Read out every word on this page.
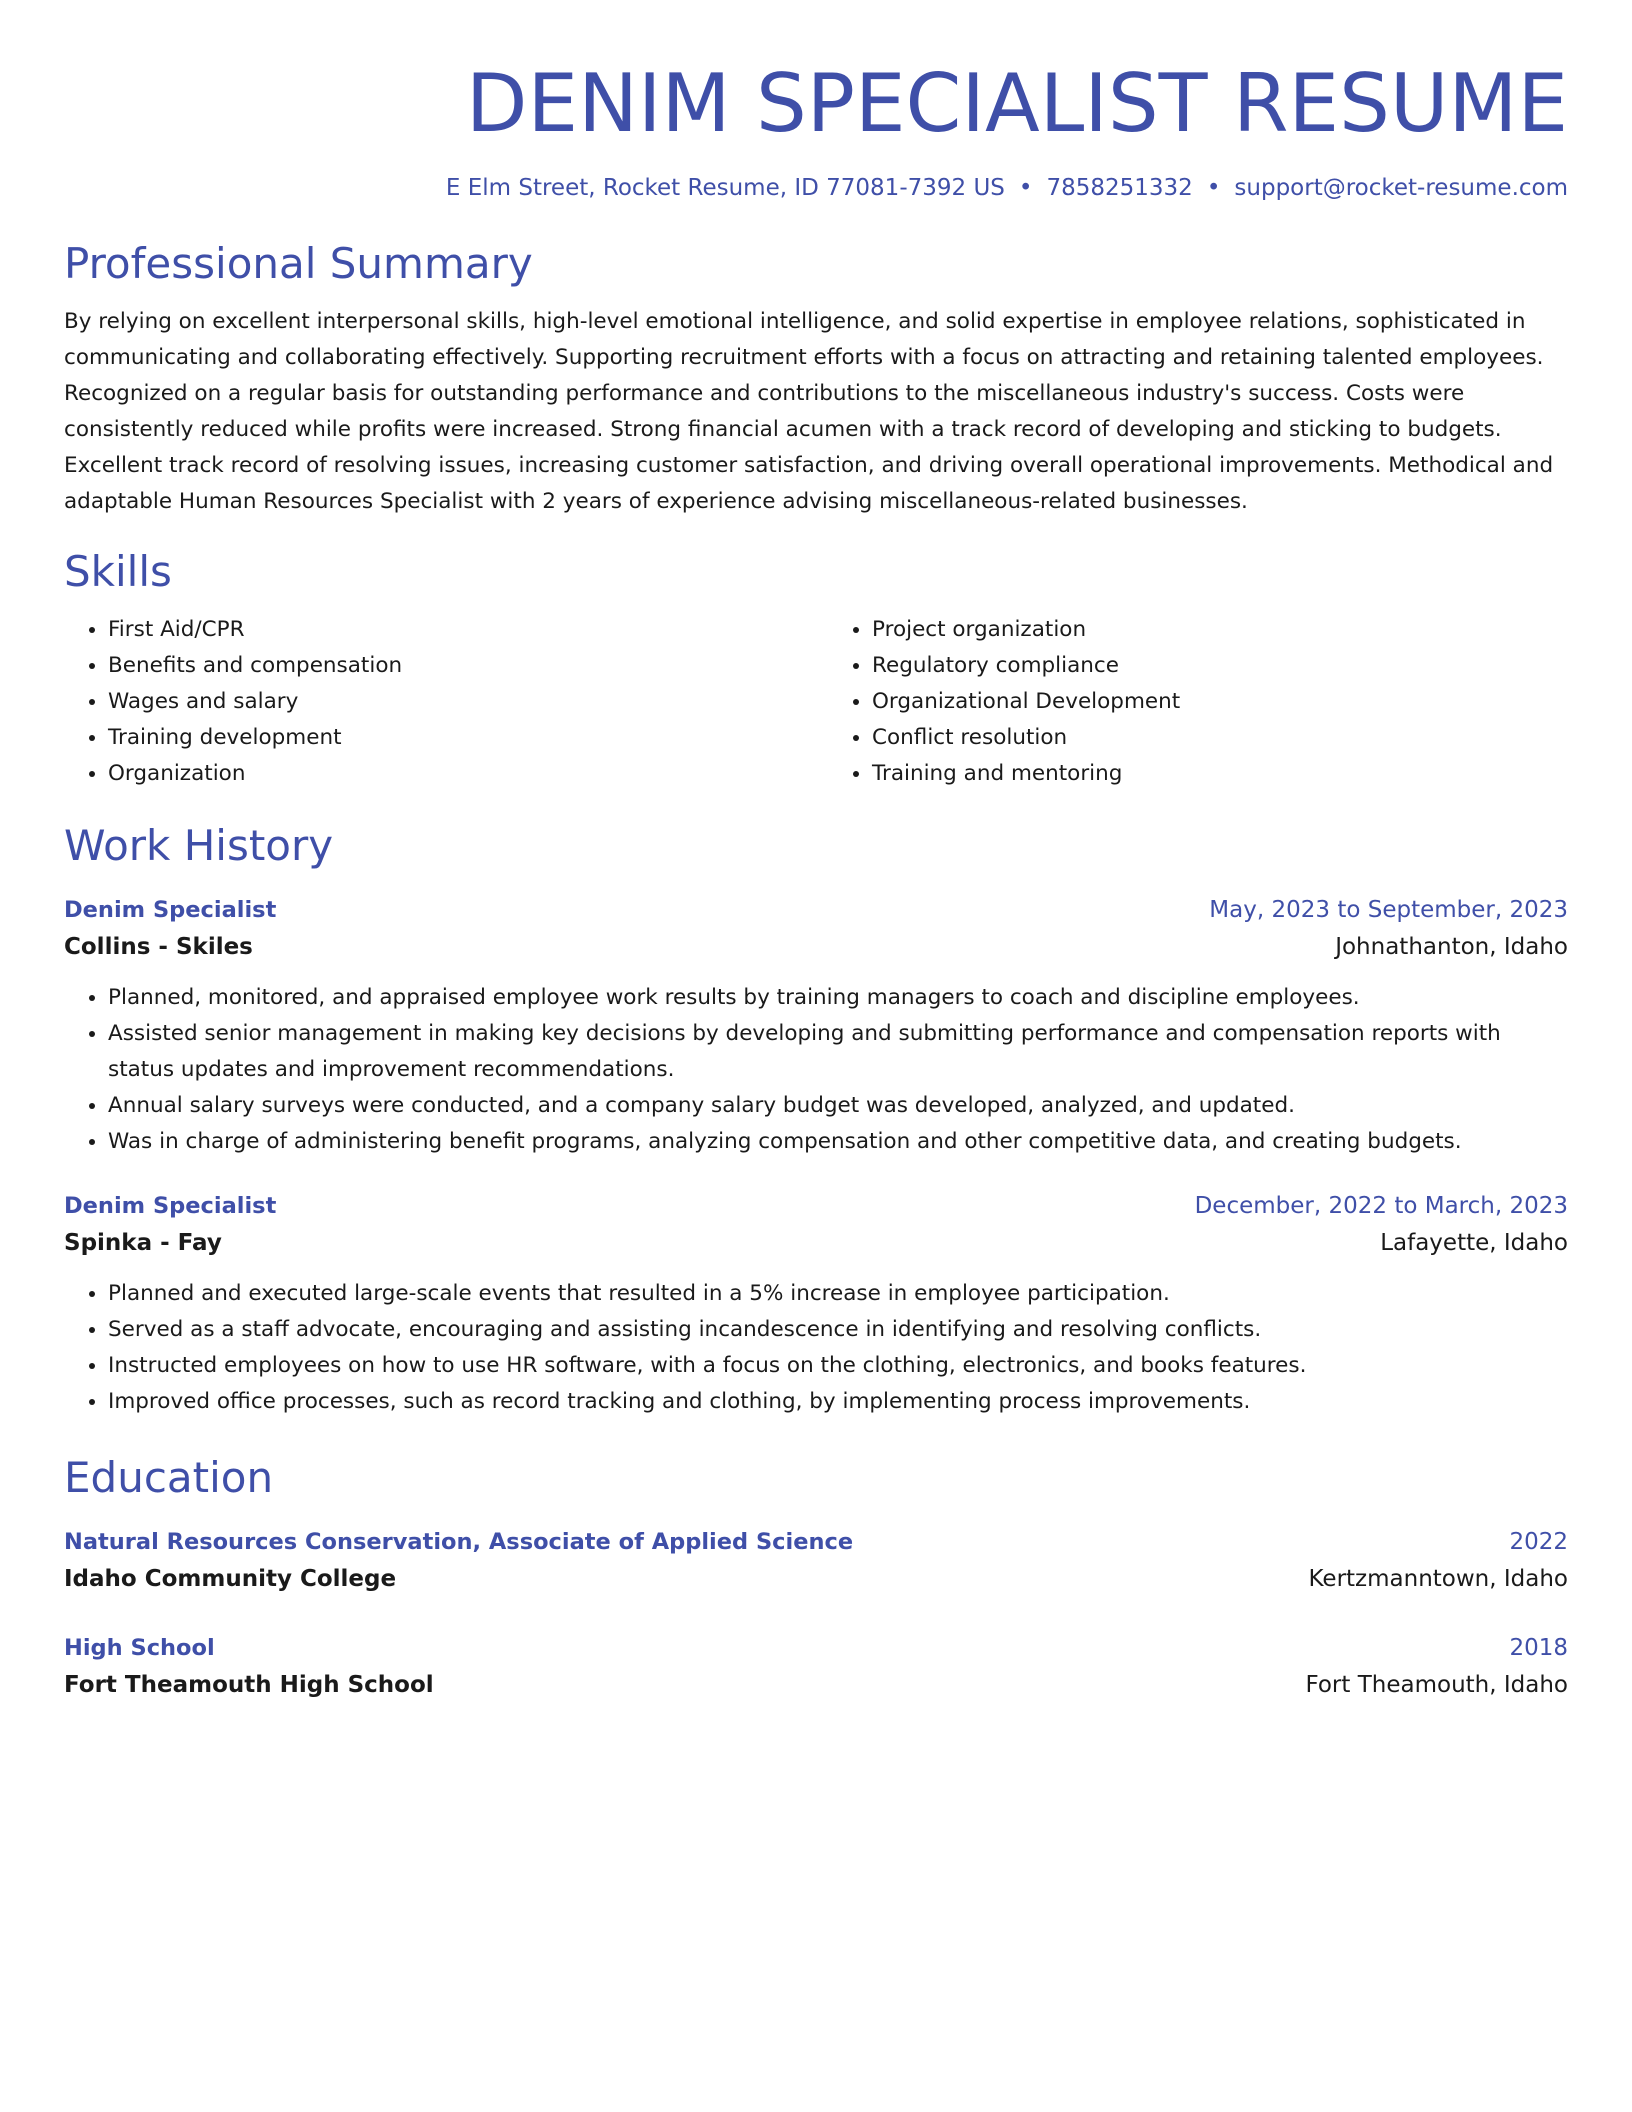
DENIM SPECIALIST RESUME
E Elm Street, Rocket Resume, ID 77081-7392 US • 7858251332 • support@rocket-resume.com
Professional Summary

By relying on excellent interpersonal skills, high-level emotional intelligence, and solid expertise in employee relations, sophisticated in communicating and collaborating effectively. Supporting recruitment efforts with a focus on attracting and retaining talented employees. Recognized on a regular basis for outstanding performance and contributions to the miscellaneous industry's success. Costs were consistently reduced while profits were increased. Strong financial acumen with a track record of developing and sticking to budgets. Excellent track record of resolving issues, increasing customer satisfaction, and driving overall operational improvements. Methodical and adaptable Human Resources Specialist with 2 years of experience advising miscellaneous-related businesses.

Skills
• First Aid/CPR
• Benefits and compensation
• Wages and salary
• Training development
• Organization
• Project organization
• Regulatory compliance
• Organizational Development
• Conflict resolution
• Training and mentoring
Work History
Denim Specialist	May, 2023 to September, 2023
Collins - Skiles	Johnathanton, Idaho
• Planned, monitored, and appraised employee work results by training managers to coach and discipline employees.
• Assisted senior management in making key decisions by developing and submitting performance and compensation reports with status updates and improvement recommendations.
• Annual salary surveys were conducted, and a company salary budget was developed, analyzed, and updated.
• Was in charge of administering benefit programs, analyzing compensation and other competitive data, and creating budgets.
Denim Specialist	December, 2022 to March, 2023
Spinka - Fay	Lafayette, Idaho
• Planned and executed large-scale events that resulted in a 5% increase in employee participation.
• Served as a staff advocate, encouraging and assisting incandescence in identifying and resolving conflicts.
• Instructed employees on how to use HR software, with a focus on the clothing, electronics, and books features.
• Improved office processes, such as record tracking and clothing, by implementing process improvements.
Education
Natural Resources Conservation, Associate of Applied Science	2022
Idaho Community College	Kertzmanntown, Idaho
High School	2018
Fort Theamouth High School	Fort Theamouth, Idaho
